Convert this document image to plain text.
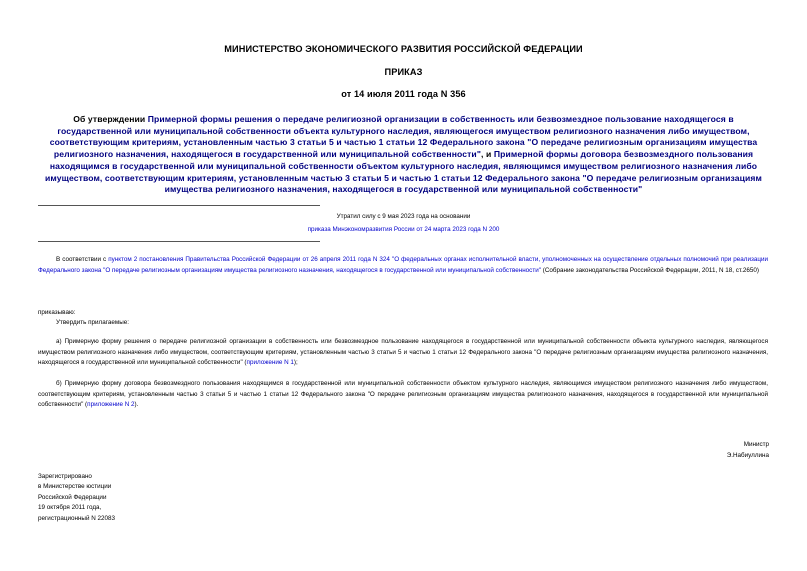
МИНИСТЕРСТВО ЭКОНОМИЧЕСКОГО РАЗВИТИЯ РОССИЙСКОЙ ФЕДЕРАЦИИ
ПРИКАЗ
от 14 июля 2011 года N 356
Об утверждении Примерной формы решения о передаче религиозной организации в собственность или безвозмездное пользование находящегося в
государственной или муниципальной собственности объекта культурного наследия, являющегося имуществом религиозного назначения либо имуществом,
соответствующим критериям, установленным частью 3 статьи 5 и частью 1 статьи 12 Федерального закона "О передаче религиозным организациям имущества
религиозного назначения, находящегося в государственной или муниципальной собственности", и Примерной формы договора безвозмездного пользования
находящимся в государственной или муниципальной собственности объектом культурного наследия, являющимся имуществом религиозного назначения либо
имуществом, соответствующим критериям, установленным частью 3 статьи 5 и частью 1 статьи 12 Федерального закона "О передаче религиозным организациям
имущества религиозного назначения, находящегося в государственной или муниципальной собственности"
Утратил силу с 9 мая 2023 года на основании
приказа Минэкономразвития России от 24 марта 2023 года N 200
В соответствии с пунктом 2 постановления Правительства Российской Федерации от 26 апреля 2011 года N 324 "О федеральных органах исполнительной власти, уполномоченных на осуществление отдельных полномочий при реализации Федерального закона "О передаче религиозным организациям имущества религиозного назначения, находящегося в государственной или муниципальной собственности" (Собрание законодательства Российской Федерации, 2011, N 18, ст.2650)
приказываю:
Утвердить прилагаемые:
а) Примерную форму решения о передаче религиозной организации в собственность или безвозмездное пользование находящегося в государственной или муниципальной собственности объекта культурного наследия, являющегося имуществом религиозного назначения либо имуществом, соответствующим критериям, установленным частью 3 статьи 5 и частью 1 статьи 12 Федерального закона "О передаче религиозным организациям имущества религиозного назначения, находящегося в государственной или муниципальной собственности" (приложение N 1);
б) Примерную форму договора безвозмездного пользования находящимся в государственной или муниципальной собственности объектом культурного наследия, являющимся имуществом религиозного назначения либо имуществом, соответствующим критериям, установленным частью 3 статьи 5 и частью 1 статьи 12 Федерального закона "О передаче религиозным организациям имущества религиозного назначения, находящегося в государственной или муниципальной собственности" (приложение N 2).
Министр
Э.Набиуллина
Зарегистрировано
в Министерстве юстиции
Российской Федерации
19 октября 2011 года,
регистрационный N 22083
